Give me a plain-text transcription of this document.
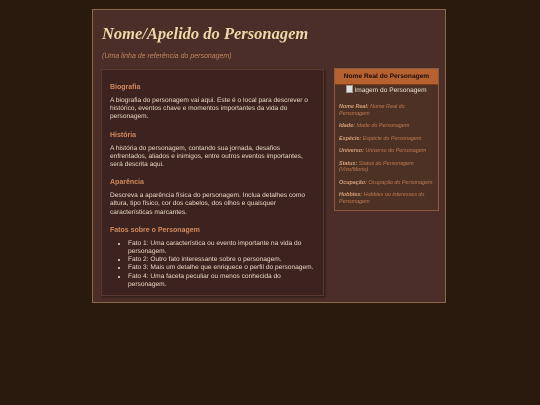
Nome/Apelido do Personagem

(Uma linha de referência do personagem)

Biografia

A biografia do personagem vai aqui. Este é o local para descrever o histórico, eventos chave e momentos importantes da vida do personagem.

História

A história do personagem, contando sua jornada, desafios enfrentados, aliados e inimigos, entre outros eventos importantes, será descrita aqui.

Aparência

Descreva a aparência física do personagem. Inclua detalhes como altura, tipo físico, cor dos cabelos, dos olhos e quaisquer características marcantes.

Fatos sobre o Personagem
• Fato 1: Uma característica ou evento importante na vida do personagem.
• Fato 2: Outro fato interessante sobre o personagem.
• Fato 3: Mais um detalhe que enriquece o perfil do personagem.
• Fato 4: Uma faceta peculiar ou menos conhecida do personagem.
Nome Real do Personagem
Imagem do Personagem
Nome Real: Nome Real do Personagem
Idade: Idade do Personagem
Espécie: Espécie do Personagem
Universo: Universo do Personagem
Status: Status do Personagem (Vivo/Morto)
Ocupação: Ocupação do Personagem
Hobbies: Hobbies ou interesses do Personagem
